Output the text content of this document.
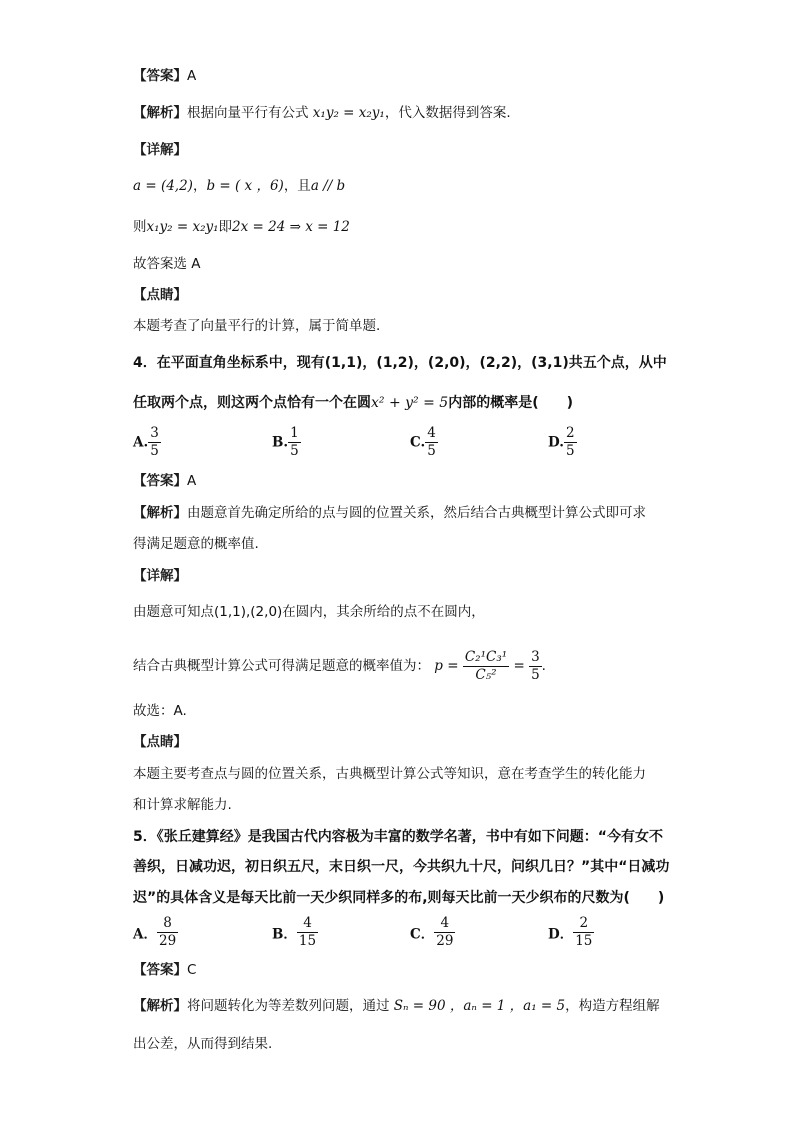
【答案】A
【解析】根据向量平行有公式 x₁y₂ = x₂y₁，代入数据得到答案.
【详解】
a = (4,2)，b = ( x ，6)，且a // b
则x₁y₂ = x₂y₁即2x = 24 ⇒ x = 12
故答案选 A
【点睛】
本题考查了向量平行的计算，属于简单题.
4．在平面直角坐标系中，现有(1,1)，(1,2)，(2,0)，(2,2)，(3,1)共五个点，从中
任取两个点，则这两个点恰有一个在圆x² + y² = 5内部的概率是(　　)
A. $\frac{3}{5}$	B. $\frac{1}{5}$	C. $\frac{4}{5}$	D. $\frac{2}{5}$
【答案】A
【解析】由题意首先确定所给的点与圆的位置关系，然后结合古典概型计算公式即可求
得满足题意的概率值.
【详解】
由题意可知点(1,1),(2,0)在圆内，其余所给的点不在圆内，
结合古典概型计算公式可得满足题意的概率值为： $p = \frac{\text{C₂¹C₃¹}}{\text{C₅²}} = \frac{3}{5}$ .
故选：A.
【点睛】
本题主要考查点与圆的位置关系，古典概型计算公式等知识，意在考查学生的转化能力
和计算求解能力.
5．《张丘建算经》是我国古代内容极为丰富的数学名著，书中有如下问题：“今有女不
善织，日减功迟，初日织五尺，末日织一尺，今共织九十尺，问织几日？”其中“日减功
迟”的具体含义是每天比前一天少织同样多的布,则每天比前一天少织布的尺数为(　　)
A． $\frac{8}{29}$	B． $\frac{4}{15}$	C． $\frac{4}{29}$	D． $\frac{2}{15}$
【答案】C
【解析】将问题转化为等差数列问题，通过 Sₙ = 90 ，aₙ = 1 ，a₁ = 5，构造方程组解
出公差，从而得到结果.
